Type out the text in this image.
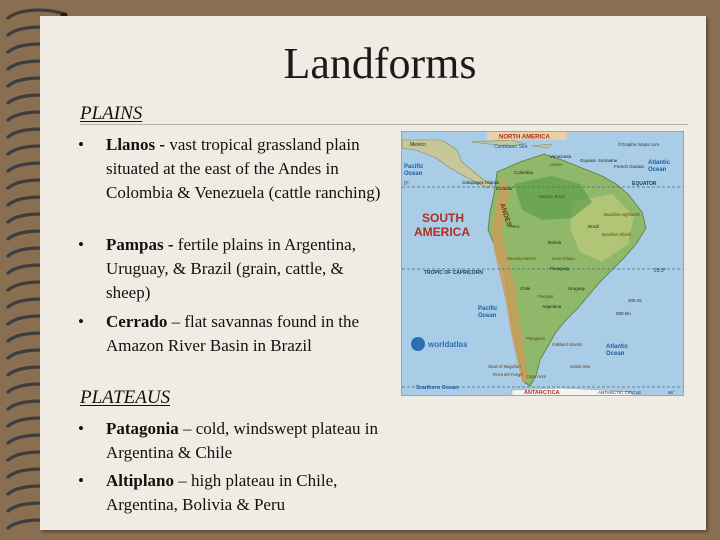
Landforms
PLAINS
•	Llanos - vast tropical grassland plain situated at the east of the Andes in Colombia & Venezuela (cattle ranching)
•	Pampas - fertile plains in Argentina, Uruguay, & Brazil (grain, cattle, & sheep)
•	Cerrado – flat savannas found in the Amazon River Basin in Brazil
PLATEAUS
•	Patagonia – cold, windswept plateau in Argentina & Chile
•	Altiplano – high plateau in Chile, Argentina, Bolivia & Peru
NORTH AMERICA
Caribbean Sea
Mexico
Pacific
Ocean
Atlantic
Ocean
©Graphic Maps.com
EQUATOR
0°
SOUTH
AMERICA
ANDES
TROPIC OF CAPRICORN	23.5°
Pacific
Ocean
400 mi
600 km
Atlantic
Ocean
worldatlas
Southern Ocean
ANTARCTICA	ANTARCTIC CIRCLE	66°
Venezuela
Colombia
Ecuador
Peru
Bolivia
Brazil
Chile
Argentina
Paraguay
Uruguay
Guyana Suriname
French Guiana
Galapagos Islands
Amazon Basin
Llanos
Brazilian Highlands
Atacama Desert
Pampas
Gran Chaco
Patagonia
Falkland Islands
Strait of Magellan
Tierra del Fuego Cape Horn
Scotia Sea
Brazilian Shield
